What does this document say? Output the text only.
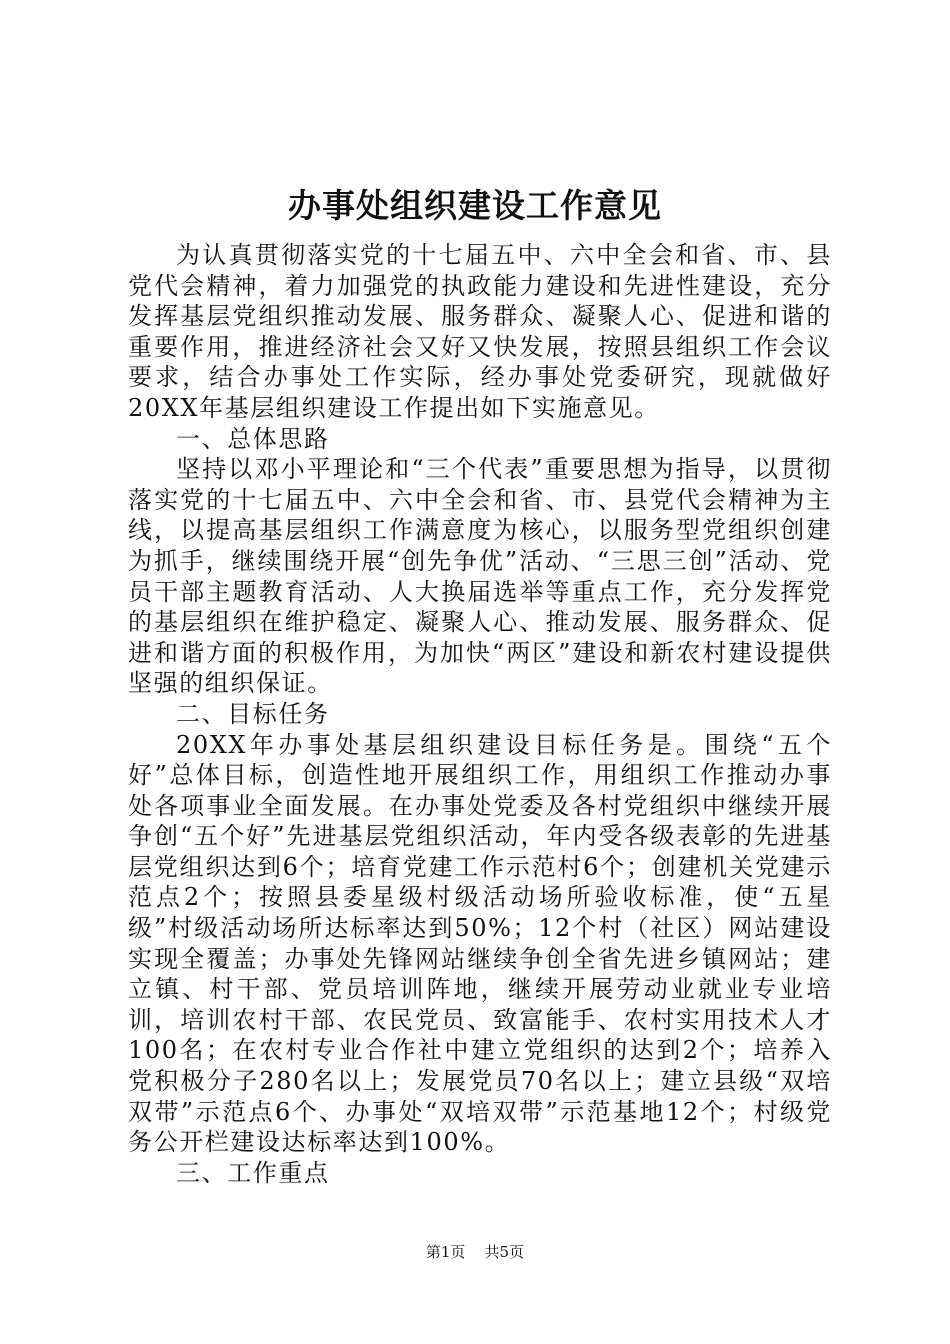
办事处组织建设工作意见

为认真贯彻落实党的十七届五中、六中全会和省、市、县党代会精神，着力加强党的执政能力建设和先进性建设，充分发挥基层党组织推动发展、服务群众、凝聚人心、促进和谐的重要作用，推进经济社会又好又快发展，按照县组织工作会议要求，结合办事处工作实际，经办事处党委研究，现就做好20XX年基层组织建设工作提出如下实施意见。

一、总体思路

坚持以邓小平理论和“三个代表”重要思想为指导，以贯彻落实党的十七届五中、六中全会和省、市、县党代会精神为主线，以提高基层组织工作满意度为核心，以服务型党组织创建为抓手，继续围绕开展“创先争优”活动、“三思三创”活动、党员干部主题教育活动、人大换届选举等重点工作，充分发挥党的基层组织在维护稳定、凝聚人心、推动发展、服务群众、促进和谐方面的积极作用，为加快“两区”建设和新农村建设提供坚强的组织保证。

二、目标任务

20XX年办事处基层组织建设目标任务是。围绕“五个好”总体目标，创造性地开展组织工作，用组织工作推动办事处各项事业全面发展。在办事处党委及各村党组织中继续开展争创“五个好”先进基层党组织活动，年内受各级表彰的先进基层党组织达到6个；培育党建工作示范村6个；创建机关党建示范点2个；按照县委星级村级活动场所验收标准，使“五星级”村级活动场所达标率达到50%；12个村（社区）网站建设实现全覆盖；办事处先锋网站继续争创全省先进乡镇网站；建立镇、村干部、党员培训阵地，继续开展劳动业就业专业培训，培训农村干部、农民党员、致富能手、农村实用技术人才100名；在农村专业合作社中建立党组织的达到2个；培养入党积极分子280名以上；发展党员70名以上；建立县级“双培双带”示范点6个、办事处“双培双带”示范基地12个；村级党务公开栏建设达标率达到100%。

三、工作重点

第1页 共5页
